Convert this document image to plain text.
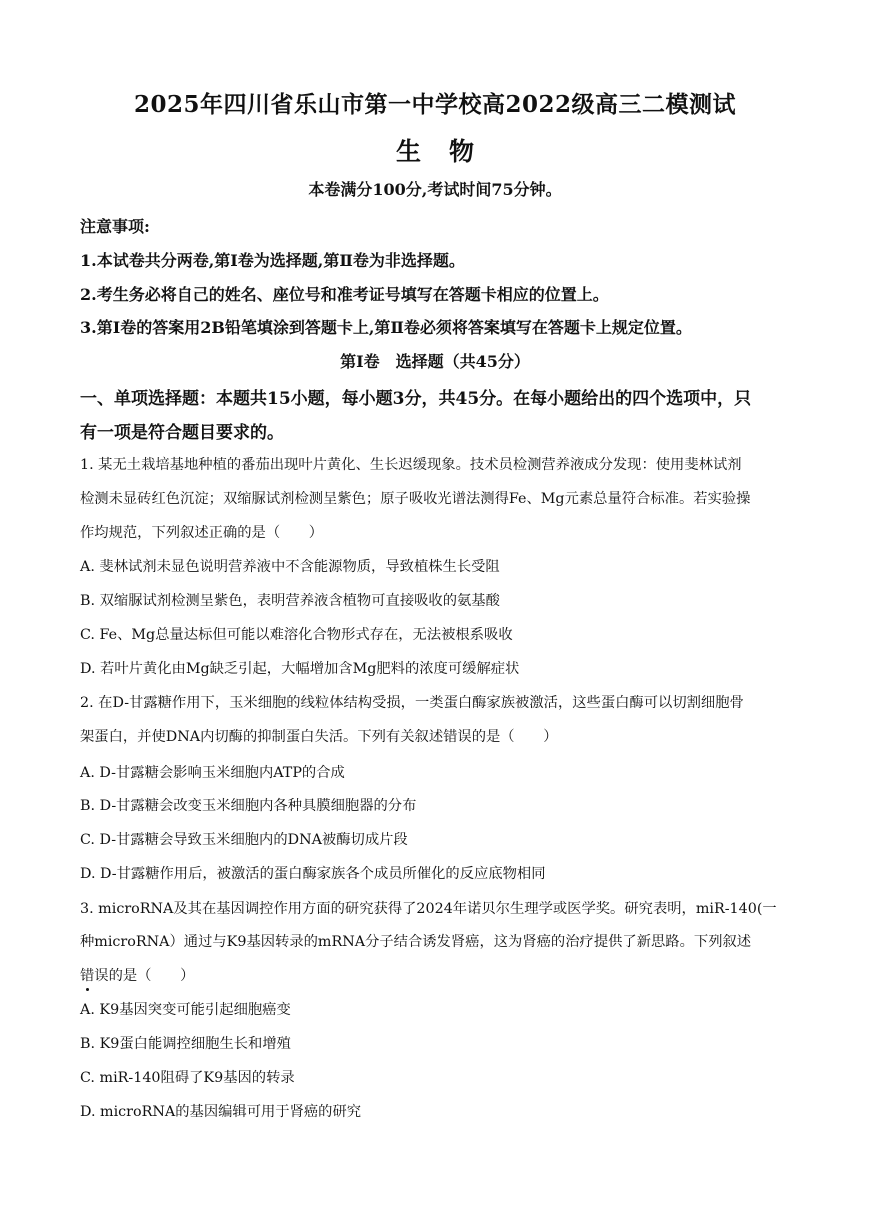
2025年四川省乐山市第一中学校高2022级高三二模测试
生物
本卷满分100分,考试时间75分钟。
注意事项:
1.本试卷共分两卷,第Ⅰ卷为选择题,第Ⅱ卷为非选择题。
2.考生务必将自己的姓名、座位号和准考证号填写在答题卡相应的位置上。
3.第Ⅰ卷的答案用2B铅笔填涂到答题卡上,第Ⅱ卷必须将答案填写在答题卡上规定位置。
第Ⅰ卷　选择题（共45分）
一、单项选择题：本题共15小题，每小题3分，共45分。在每小题给出的四个选项中，只
有一项是符合题目要求的。
1. 某无土栽培基地种植的番茄出现叶片黄化、生长迟缓现象。技术员检测营养液成分发现：使用斐林试剂
检测未显砖红色沉淀；双缩脲试剂检测呈紫色；原子吸收光谱法测得Fe、Mg元素总量符合标准。若实验操
作均规范，下列叙述正确的是（　　）
A. 斐林试剂未显色说明营养液中不含能源物质，导致植株生长受阻
B. 双缩脲试剂检测呈紫色，表明营养液含植物可直接吸收的氨基酸
C. Fe、Mg总量达标但可能以难溶化合物形式存在，无法被根系吸收
D. 若叶片黄化由Mg缺乏引起，大幅增加含Mg肥料的浓度可缓解症状
2. 在D-甘露糖作用下，玉米细胞的线粒体结构受损，一类蛋白酶家族被激活，这些蛋白酶可以切割细胞骨
架蛋白，并使DNA内切酶的抑制蛋白失活。下列有关叙述错误的是（　　）
A. D-甘露糖会影响玉米细胞内ATP的合成
B. D-甘露糖会改变玉米细胞内各种具膜细胞器的分布
C. D-甘露糖会导致玉米细胞内的DNA被酶切成片段
D. D-甘露糖作用后，被激活的蛋白酶家族各个成员所催化的反应底物相同
3. microRNA及其在基因调控作用方面的研究获得了2024年诺贝尔生理学或医学奖。研究表明，miR-140(一
种microRNA）通过与K9基因转录的mRNA分子结合诱发肾癌，这为肾癌的治疗提供了新思路。下列叙述
错误的是（　　）
A. K9基因突变可能引起细胞癌变
B. K9蛋白能调控细胞生长和增殖
C. miR-140阻碍了K9基因的转录
D. microRNA的基因编辑可用于肾癌的研究
